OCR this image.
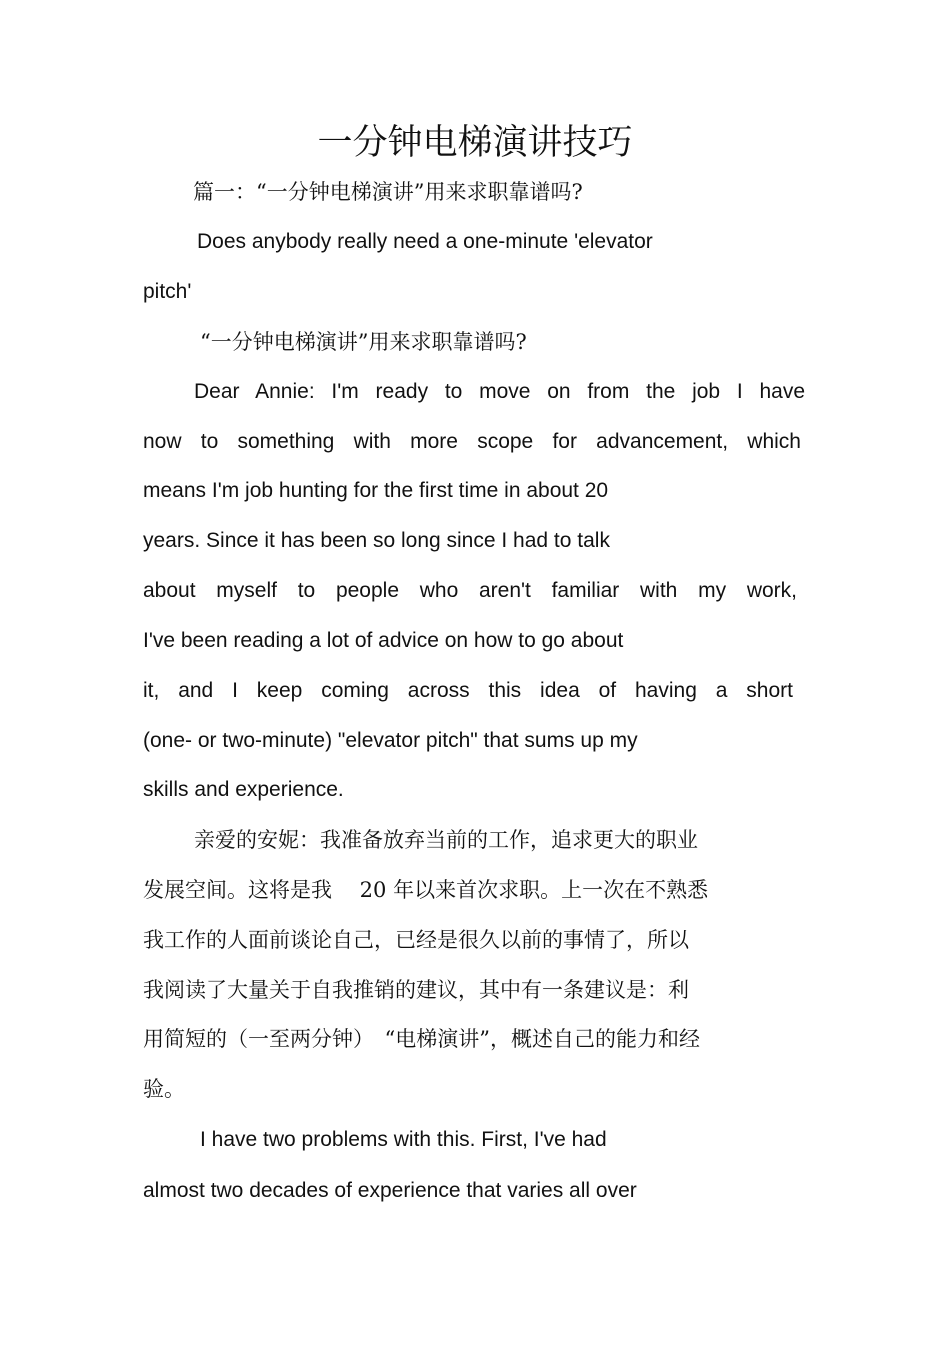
一分钟电梯演讲技巧
篇一：“一分钟电梯演讲”用来求职靠谱吗?
Does anybody really need a one-minute 'elevator
pitch'
“一分钟电梯演讲”用来求职靠谱吗?
Dear Annie: I'm ready to move on from the job I have
now to something with more scope for advancement, which
means I'm job hunting for the first time in about 20
years. Since it has been so long since I had to talk
about myself to people who aren't familiar with my work,
I've been reading a lot of advice on how to go about
it, and I keep coming across this idea of having a short
(one- or two-minute) "elevator pitch" that sums up my
skills and experience.
亲爱的安妮：我准备放弃当前的工作，追求更大的职业
发展空间。这将是我　 20 年以来首次求职。上一次在不熟悉
我工作的人面前谈论自己，已经是很久以前的事情了，所以
我阅读了大量关于自我推销的建议，其中有一条建议是：利
用简短的（一至两分钟）　“电梯演讲”，概述自己的能力和经
验。
I have two problems with this. First, I've had
almost two decades of experience that varies all over
